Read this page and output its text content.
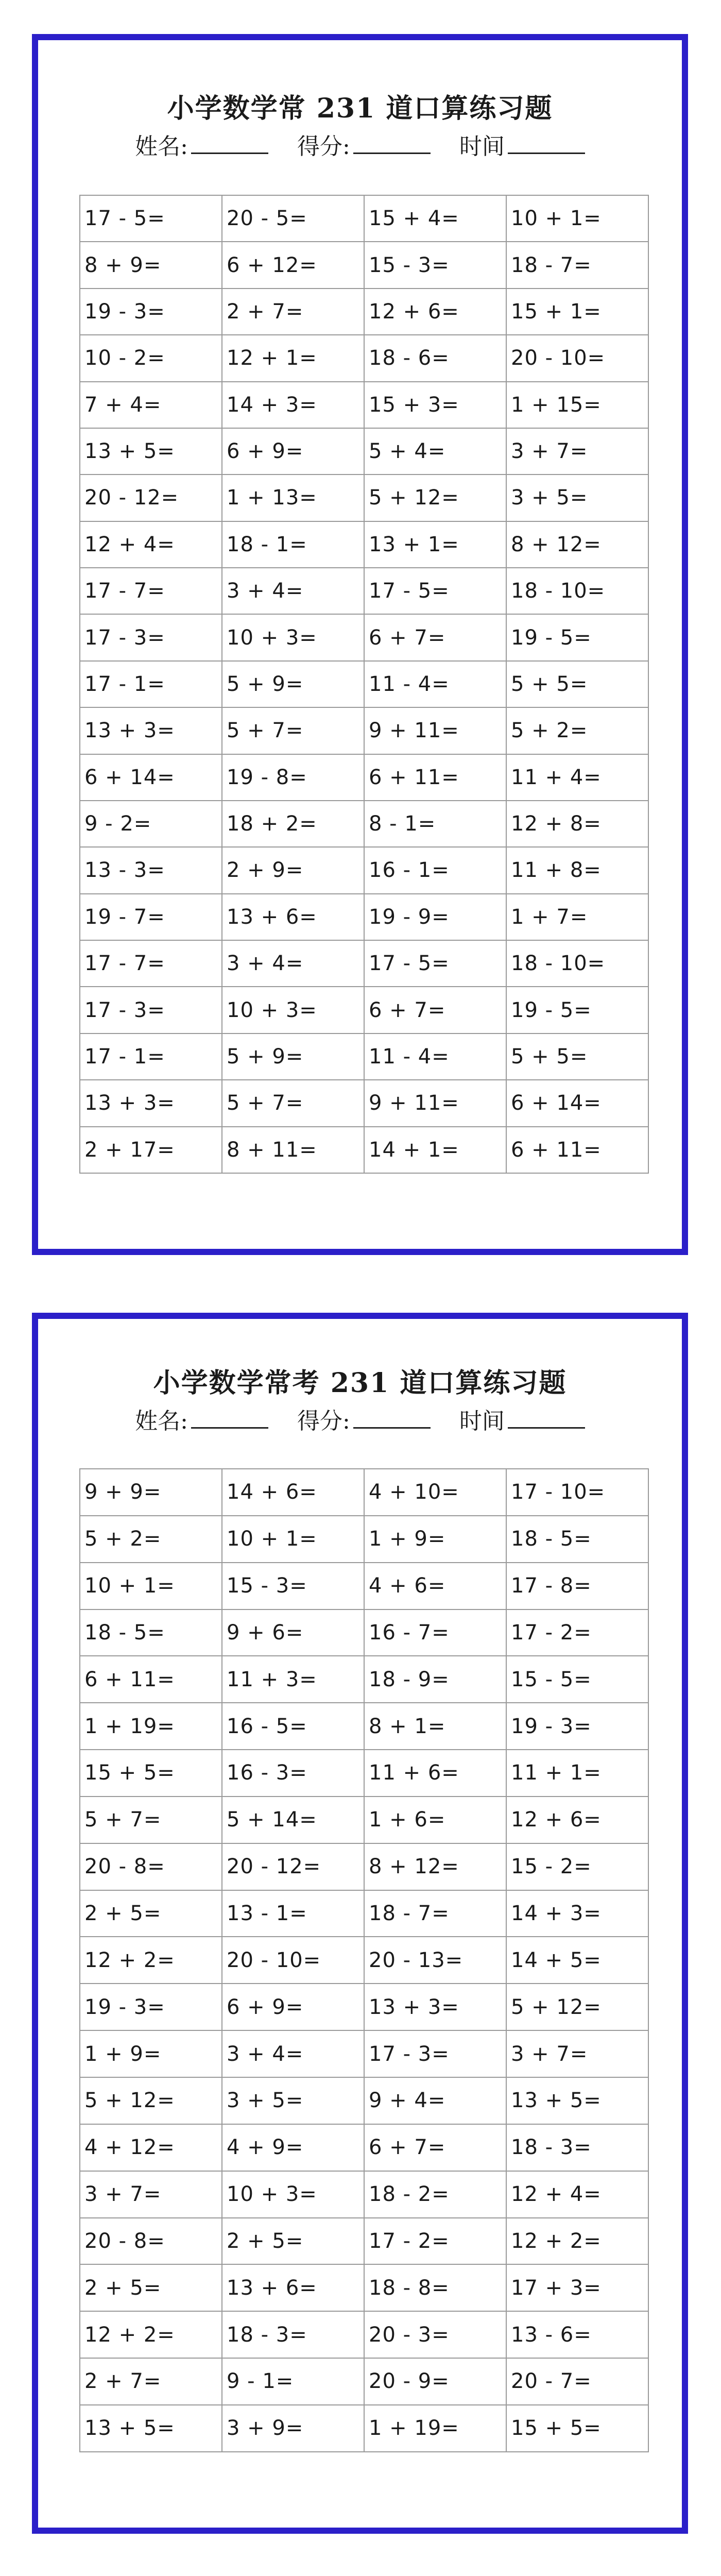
小学数学常 231 道口算练习题
姓名:	得分:	时间
17 - 5=	20 - 5=	15 + 4=	10 + 1=
8 + 9=	6 + 12=	15 - 3=	18 - 7=
19 - 3=	2 + 7=	12 + 6=	15 + 1=
10 - 2=	12 + 1=	18 - 6=	20 - 10=
7 + 4=	14 + 3=	15 + 3=	1 + 15=
13 + 5=	6 + 9=	5 + 4=	3 + 7=
20 - 12=	1 + 13=	5 + 12=	3 + 5=
12 + 4=	18 - 1=	13 + 1=	8 + 12=
17 - 7=	3 + 4=	17 - 5=	18 - 10=
17 - 3=	10 + 3=	6 + 7=	19 - 5=
17 - 1=	5 + 9=	11 - 4=	5 + 5=
13 + 3=	5 + 7=	9 + 11=	5 + 2=
6 + 14=	19 - 8=	6 + 11=	11 + 4=
9 - 2=	18 + 2=	8 - 1=	12 + 8=
13 - 3=	2 + 9=	16 - 1=	11 + 8=
19 - 7=	13 + 6=	19 - 9=	1 + 7=
17 - 7=	3 + 4=	17 - 5=	18 - 10=
17 - 3=	10 + 3=	6 + 7=	19 - 5=
17 - 1=	5 + 9=	11 - 4=	5 + 5=
13 + 3=	5 + 7=	9 + 11=	6 + 14=
2 + 17=	8 + 11=	14 + 1=	6 + 11=
小学数学常考 231 道口算练习题
姓名:	得分:	时间
9 + 9=	14 + 6=	4 + 10=	17 - 10=
5 + 2=	10 + 1=	1 + 9=	18 - 5=
10 + 1=	15 - 3=	4 + 6=	17 - 8=
18 - 5=	9 + 6=	16 - 7=	17 - 2=
6 + 11=	11 + 3=	18 - 9=	15 - 5=
1 + 19=	16 - 5=	8 + 1=	19 - 3=
15 + 5=	16 - 3=	11 + 6=	11 + 1=
5 + 7=	5 + 14=	1 + 6=	12 + 6=
20 - 8=	20 - 12=	8 + 12=	15 - 2=
2 + 5=	13 - 1=	18 - 7=	14 + 3=
12 + 2=	20 - 10=	20 - 13=	14 + 5=
19 - 3=	6 + 9=	13 + 3=	5 + 12=
1 + 9=	3 + 4=	17 - 3=	3 + 7=
5 + 12=	3 + 5=	9 + 4=	13 + 5=
4 + 12=	4 + 9=	6 + 7=	18 - 3=
3 + 7=	10 + 3=	18 - 2=	12 + 4=
20 - 8=	2 + 5=	17 - 2=	12 + 2=
2 + 5=	13 + 6=	18 - 8=	17 + 3=
12 + 2=	18 - 3=	20 - 3=	13 - 6=
2 + 7=	9 - 1=	20 - 9=	20 - 7=
13 + 5=	3 + 9=	1 + 19=	15 + 5=
